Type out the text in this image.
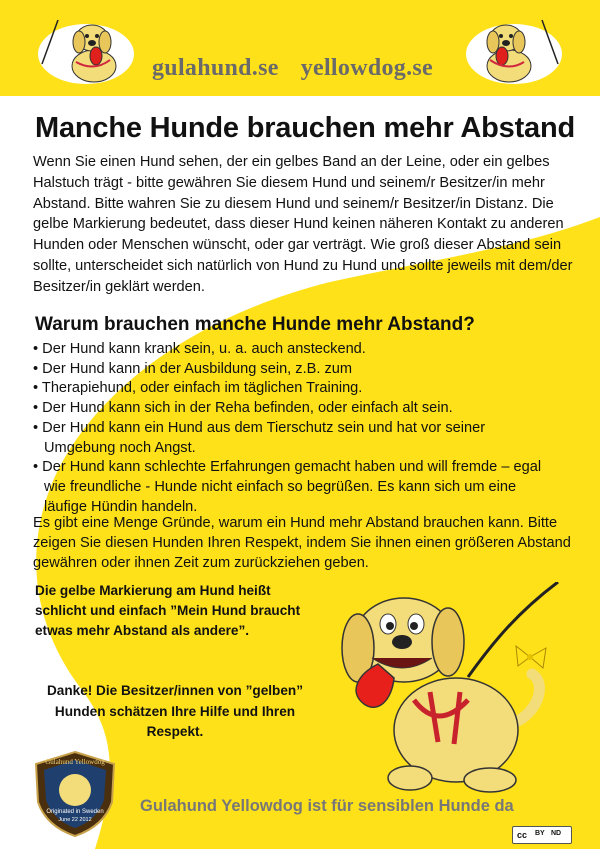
gulahund.se yellowdog.se
Manche Hunde brauchen mehr Abstand

Wenn Sie einen Hund sehen, der ein gelbes Band an der Leine, oder ein gelbes Halstuch trägt - bitte gewähren Sie diesem Hund und seinem/r Besitzer/in mehr Abstand. Bitte wahren Sie zu diesem Hund und seinem/r Besitzer/in Distanz. Die gelbe Markierung bedeutet, dass dieser Hund keinen näheren Kontakt zu anderen Hunden oder Menschen wünscht, oder gar verträgt. Wie groß dieser Abstand sein sollte, unterscheidet sich natürlich von Hund zu Hund und sollte jeweils mit dem/der Besitzer/in geklärt werden.

Warum brauchen manche Hunde mehr Abstand?
• Der Hund kann krank sein, u. a. auch ansteckend.
• Der Hund kann in der Ausbildung sein, z.B. zum
• Therapiehund, oder einfach im täglichen Training.
• Der Hund kann sich in der Reha befinden, oder einfach alt sein.
• Der Hund kann ein Hund aus dem Tierschutz sein und hat vor seiner Umgebung noch Angst.
• Der Hund kann schlechte Erfahrungen gemacht haben und will fremde – egal wie freundliche - Hunde nicht einfach so begrüßen. Es kann sich um eine läufige Hündin handeln.

Es gibt eine Menge Gründe, warum ein Hund mehr Abstand brauchen kann. Bitte zeigen Sie diesen Hunden Ihren Respekt, indem Sie ihnen einen größeren Abstand gewähren oder ihnen Zeit zum zurückziehen geben.

Die gelbe Markierung am Hund heißt schlicht und einfach ”Mein Hund braucht etwas mehr Abstand als andere”.

Danke! Die Besitzer/innen von ”gelben” Hunden schätzen Ihre Hilfe und Ihren Respekt.

Gulahund Yellowdog
Originated in Sweden
June 22 2012

Gulahund Yellowdog ist für sensiblen Hunde da

cc BY ND
